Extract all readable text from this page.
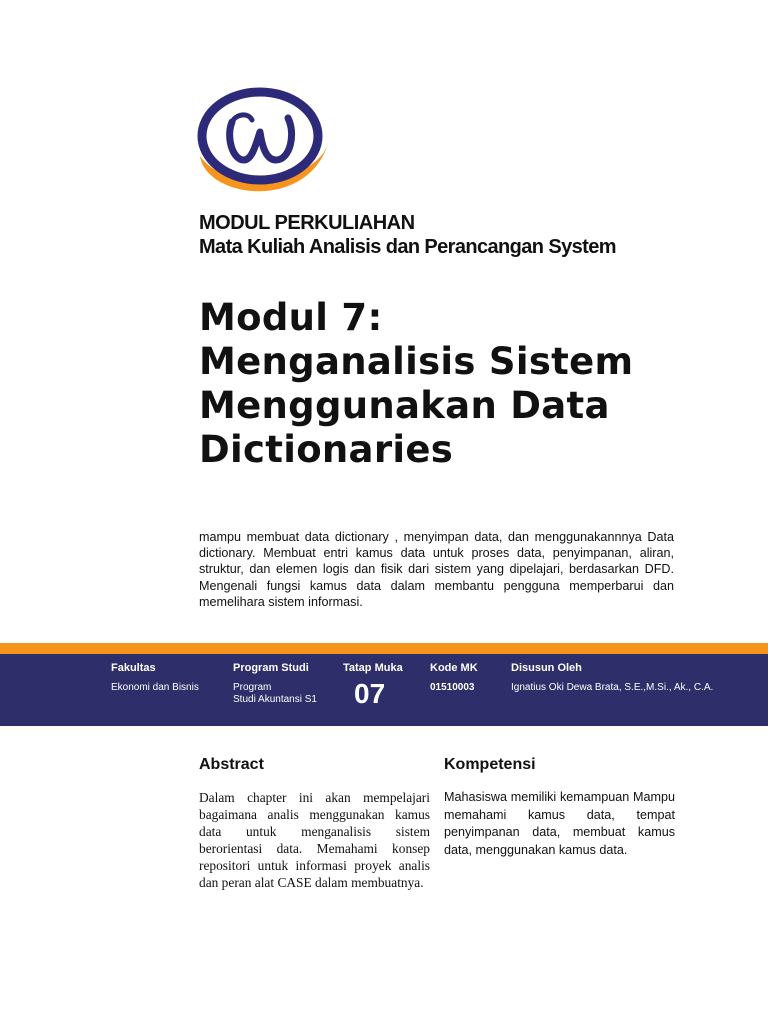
MODUL PERKULIAHAN
Mata Kuliah Analisis dan Perancangan System
Modul 7:
Menganalisis Sistem
Menggunakan Data
Dictionaries
mampu membuat data dictionary , menyimpan data, dan menggunakannnya Data dictionary. Membuat entri kamus data untuk proses data, penyimpanan, aliran, struktur, dan elemen logis dan fisik dari sistem yang dipelajari, berdasarkan DFD. Mengenali fungsi kamus data dalam membantu pengguna memperbarui dan memelihara sistem informasi.
Fakultas
Ekonomi dan Bisnis
Program Studi
Program
Studi Akuntansi S1
Tatap Muka
07
Kode MK
01510003
Disusun Oleh
Ignatius Oki Dewa Brata, S.E.,M.Si., Ak., C.A.
Abstract	Kompetensi
Dalam chapter ini akan mempelajari bagaimana analis menggunakan kamus data untuk menganalisis sistem berorientasi data. Memahami konsep repositori untuk informasi proyek analis dan peran alat CASE dalam membuatnya.
Mahasiswa memiliki kemampuan Mampu memahami kamus data, tempat penyimpanan data, membuat kamus data, menggunakan kamus data.
